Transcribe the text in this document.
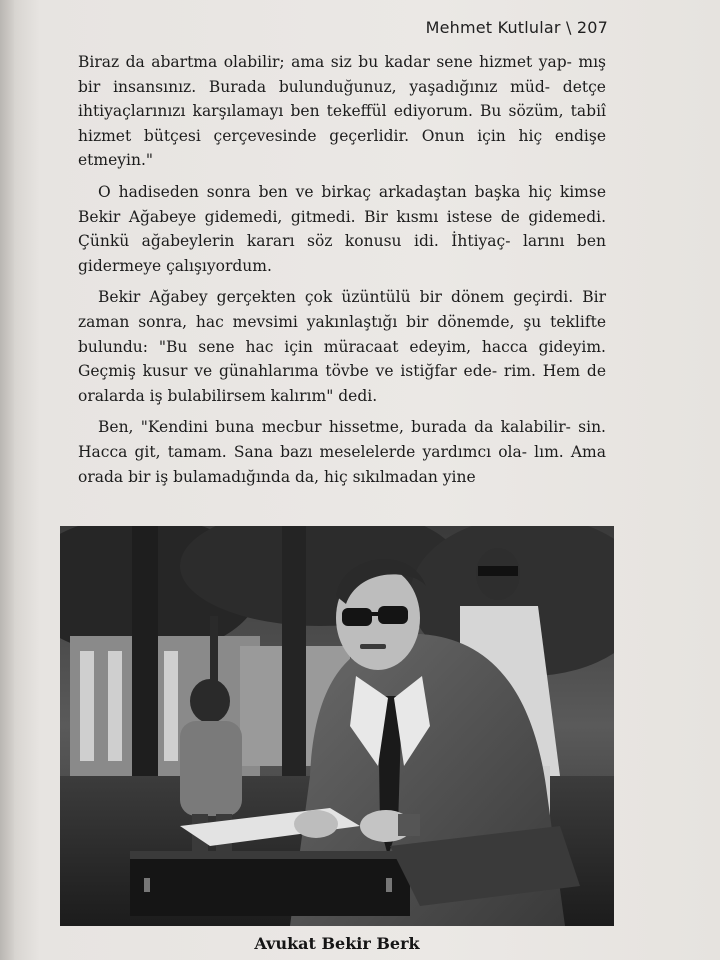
Mehmet Kutlular \ 207

Biraz da abartma olabilir; ama siz bu kadar sene hizmet yap- mış bir insansınız. Burada bulunduğunuz, yaşadığınız müd- detçe ihtiyaçlarınızı karşılamayı ben tekeffül ediyorum. Bu sözüm, tabiî hizmet bütçesi çerçevesinde geçerlidir. Onun için hiç endişe etmeyin."

O hadiseden sonra ben ve birkaç arkadaştan başka hiç kimse Bekir Ağabeye gidemedi, gitmedi. Bir kısmı istese de gidemedi. Çünkü ağabeylerin kararı söz konusu idi. İhtiyaç- larını ben gidermeye çalışıyordum.

Bekir Ağabey gerçekten çok üzüntülü bir dönem geçirdi. Bir zaman sonra, hac mevsimi yakınlaştığı bir dönemde, şu teklifte bulundu: "Bu sene hac için müracaat edeyim, hacca gideyim. Geçmiş kusur ve günahlarıma tövbe ve istiğfar ede- rim. Hem de oralarda iş bulabilirsem kalırım" dedi.

Ben, "Kendini buna mecbur hissetme, burada da kalabilir- sin. Hacca git, tamam. Sana bazı meselelerde yardımcı ola- lım. Ama orada bir iş bulamadığında da, hiç sıkılmadan yine

Avukat Bekir Berk
